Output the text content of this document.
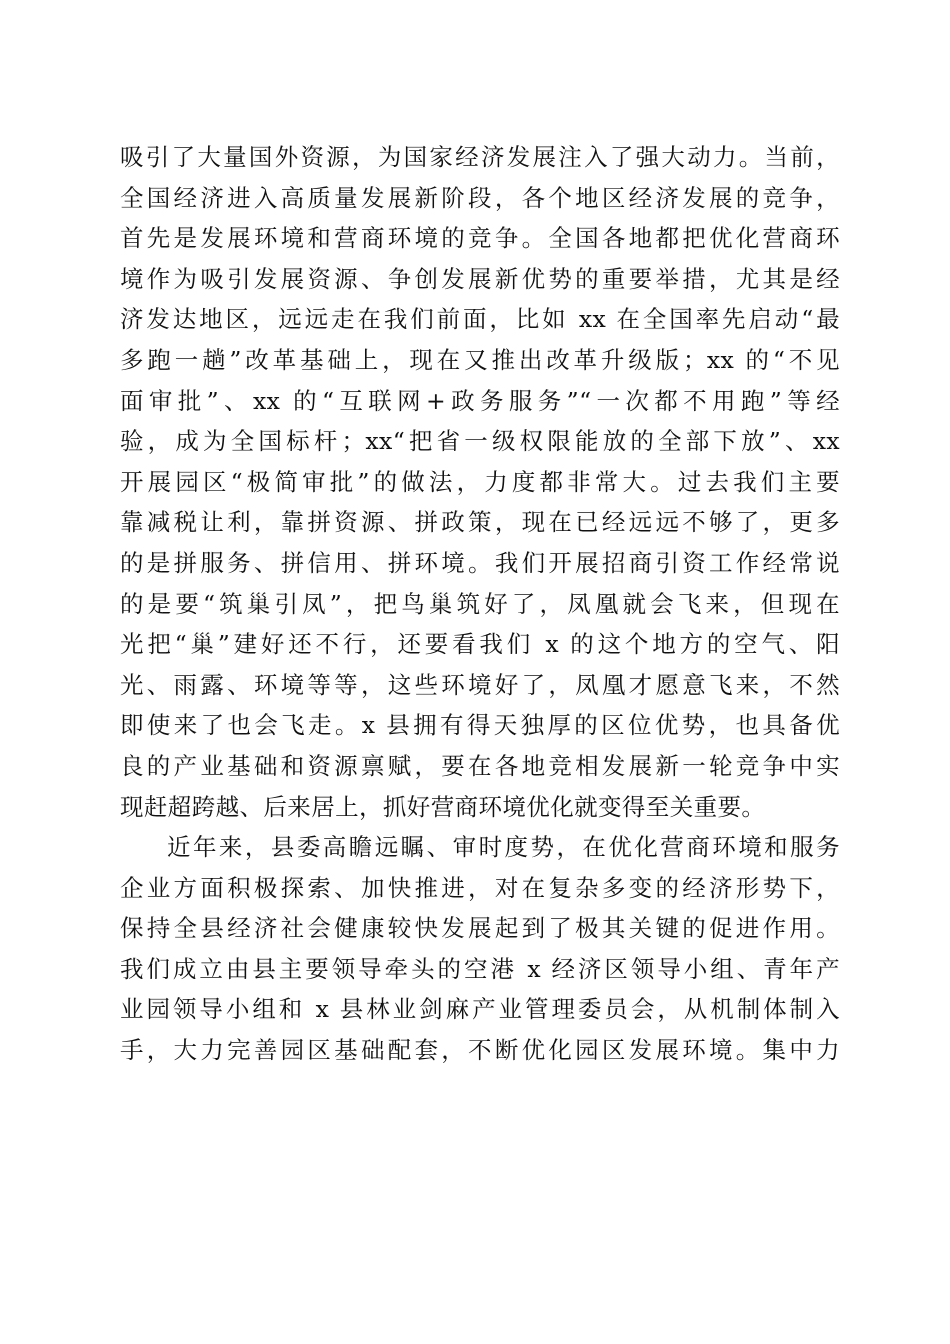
吸引了大量国外资源，为国家经济发展注入了强大动力。当前，
全国经济进入高质量发展新阶段，各个地区经济发展的竞争，
首先是发展环境和营商环境的竞争。全国各地都把优化营商环
境作为吸引发展资源、争创发展新优势的重要举措，尤其是经
济发达地区，远远走在我们前面，比如 xx 在全国率先启动“最
多跑一趟”改革基础上，现在又推出改革升级版；xx 的“不见
面审批”、xx 的“互联网+政务服务”“一次都不用跑”等经
验，成为全国标杆；xx“把省一级权限能放的全部下放”、xx
开展园区“极简审批”的做法，力度都非常大。过去我们主要
靠减税让利，靠拼资源、拼政策，现在已经远远不够了，更多
的是拼服务、拼信用、拼环境。我们开展招商引资工作经常说
的是要“筑巢引凤”，把鸟巢筑好了，凤凰就会飞来，但现在
光把“巢”建好还不行，还要看我们 x 的这个地方的空气、阳
光、雨露、环境等等，这些环境好了，凤凰才愿意飞来，不然
即使来了也会飞走。x 县拥有得天独厚的区位优势，也具备优
良的产业基础和资源禀赋，要在各地竞相发展新一轮竞争中实
现赶超跨越、后来居上，抓好营商环境优化就变得至关重要。
近年来，县委高瞻远瞩、审时度势，在优化营商环境和服务
企业方面积极探索、加快推进，对在复杂多变的经济形势下，
保持全县经济社会健康较快发展起到了极其关键的促进作用。
我们成立由县主要领导牵头的空港 x 经济区领导小组、青年产
业园领导小组和 x 县林业剑麻产业管理委员会，从机制体制入
手，大力完善园区基础配套，不断优化园区发展环境。集中力
